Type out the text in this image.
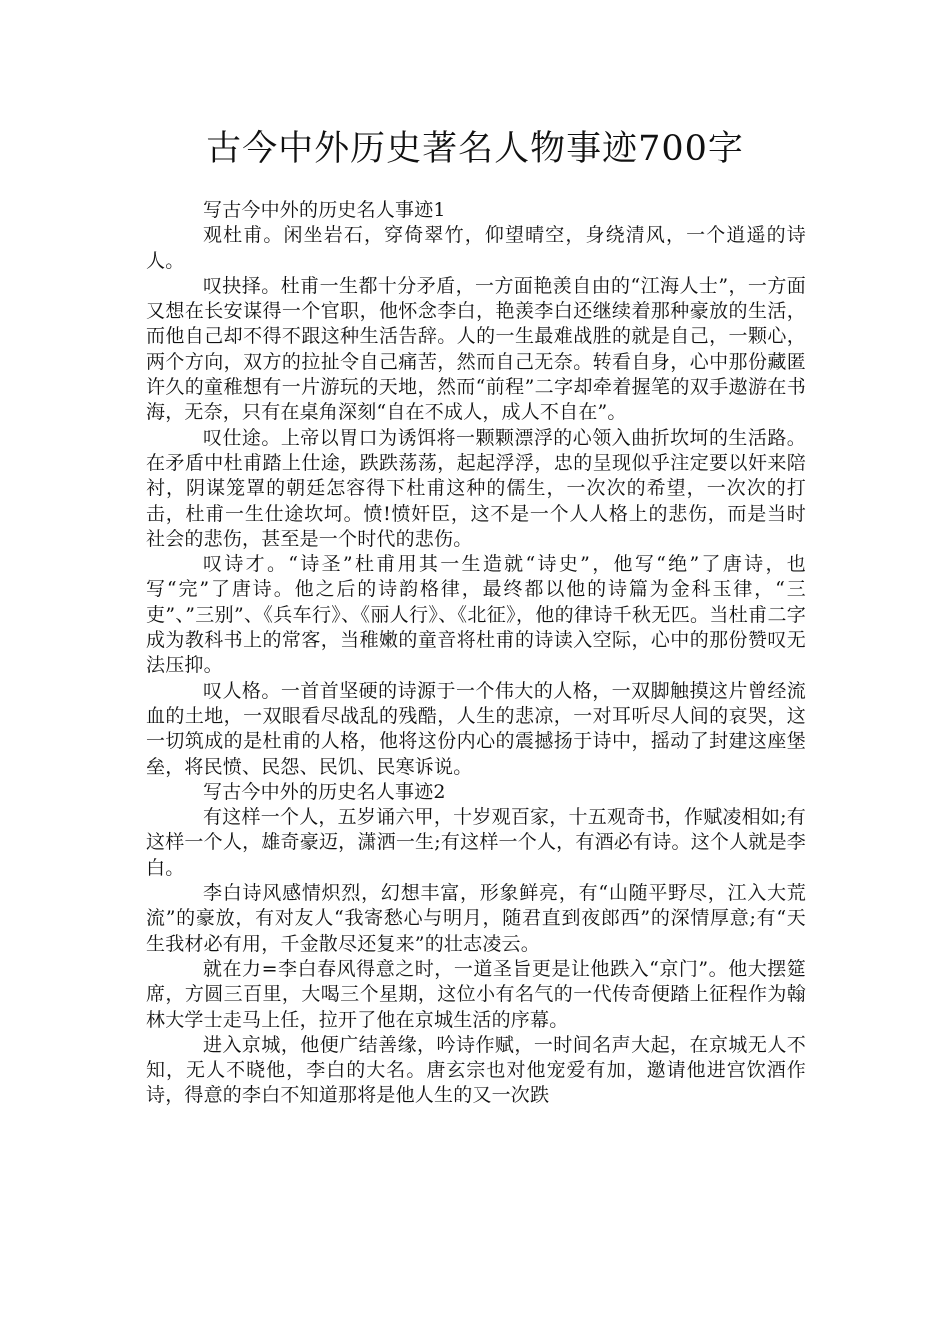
古今中外历史著名人物事迹700字

写古今中外的历史名人事迹1

观杜甫。闲坐岩石，穿倚翠竹，仰望晴空，身绕清风，一个逍遥的诗人。

叹抉择。杜甫一生都十分矛盾，一方面艳羡自由的“江海人士”，一方面又想在长安谋得一个官职，他怀念李白，艳羡李白还继续着那种豪放的生活，而他自己却不得不跟这种生活告辞。人的一生最难战胜的就是自己，一颗心，两个方向，双方的拉扯令自己痛苦，然而自己无奈。转看自身，心中那份藏匿许久的童稚想有一片游玩的天地，然而“前程”二字却牵着握笔的双手遨游在书海，无奈，只有在桌角深刻“自在不成人，成人不自在”。

叹仕途。上帝以胃口为诱饵将一颗颗漂浮的心领入曲折坎坷的生活路。在矛盾中杜甫踏上仕途，跌跌荡荡，起起浮浮，忠的呈现似乎注定要以奸来陪衬，阴谋笼罩的朝廷怎容得下杜甫这种的儒生，一次次的希望，一次次的打击，杜甫一生仕途坎坷。愤!愤奸臣，这不是一个人人格上的悲伤，而是当时社会的悲伤，甚至是一个时代的悲伤。

叹诗才。“诗圣”杜甫用其一生造就“诗史”，他写“绝”了唐诗，也写“完”了唐诗。他之后的诗韵格律，最终都以他的诗篇为金科玉律，“三吏”、”三别”、《兵车行》、《丽人行》、《北征》，他的律诗千秋无匹。当杜甫二字成为教科书上的常客，当稚嫩的童音将杜甫的诗读入空际，心中的那份赞叹无法压抑。

叹人格。一首首坚硬的诗源于一个伟大的人格，一双脚触摸这片曾经流血的土地，一双眼看尽战乱的残酷，人生的悲凉，一对耳听尽人间的哀哭，这一切筑成的是杜甫的人格，他将这份内心的震撼扬于诗中，摇动了封建这座堡垒，将民愤、民怨、民饥、民寒诉说。

写古今中外的历史名人事迹2

有这样一个人，五岁诵六甲，十岁观百家，十五观奇书，作赋凌相如;有这样一个人，雄奇豪迈，潇洒一生;有这样一个人，有酒必有诗。这个人就是李白。

李白诗风感情炽烈，幻想丰富，形象鲜亮，有“山随平野尽，江入大荒流”的豪放，有对友人“我寄愁心与明月，随君直到夜郎西”的深情厚意;有“天生我材必有用，千金散尽还复来”的壮志凌云。

就在力=李白春风得意之时，一道圣旨更是让他跌入“京门”。他大摆筵席，方圆三百里，大喝三个星期，这位小有名气的一代传奇便踏上征程作为翰林大学士走马上任，拉开了他在京城生活的序幕。

进入京城，他便广结善缘，吟诗作赋，一时间名声大起，在京城无人不知，无人不晓他，李白的大名。唐玄宗也对他宠爱有加，邀请他进宫饮酒作诗，得意的李白不知道那将是他人生的又一次跌
